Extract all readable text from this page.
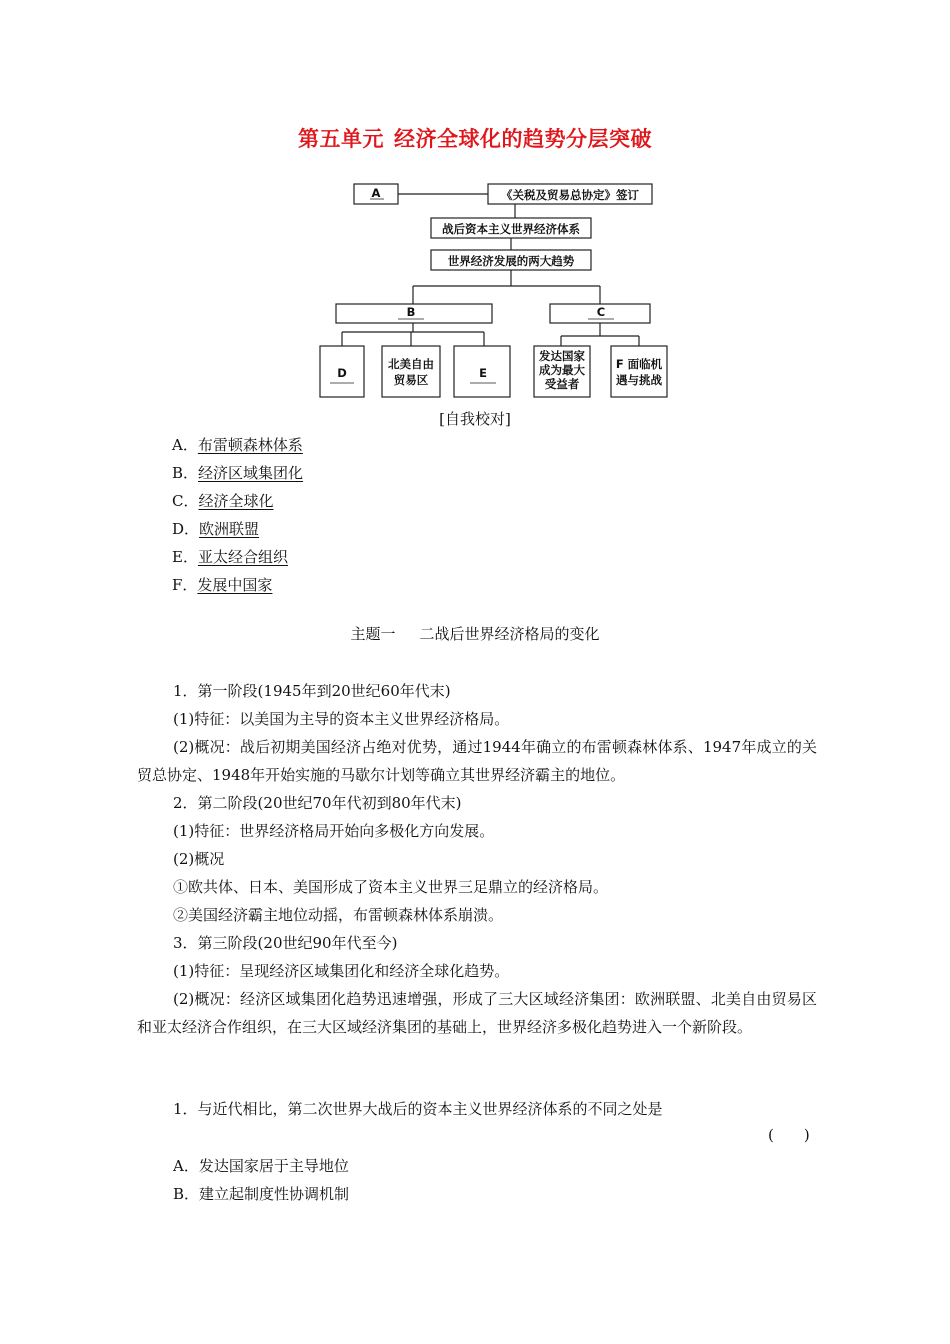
第五单元 经济全球化的趋势分层突破
A	《关税及贸易总协定》签订
战后资本主义世界经济体系
世界经济发展的两大趋势
B	C
D
北美自由
贸易区	E
发达国家
成为最大
受益者
F 面临机
遇与挑战
[自我校对]
A．布雷顿森林体系
B．经济区域集团化
C．经济全球化
D．欧洲联盟
E．亚太经合组织
F．发展中国家
主题一 二战后世界经济格局的变化
1．第一阶段(1945年到20世纪60年代末)
(1)特征：以美国为主导的资本主义世界经济格局。
(2)概况：战后初期美国经济占绝对优势，通过1944年确立的布雷顿森林体系、1947年成立的关贸总协定、1948年开始实施的马歇尔计划等确立其世界经济霸主的地位。
2．第二阶段(20世纪70年代初到80年代末)
(1)特征：世界经济格局开始向多极化方向发展。
(2)概况
①欧共体、日本、美国形成了资本主义世界三足鼎立的经济格局。
②美国经济霸主地位动摇，布雷顿森林体系崩溃。
3．第三阶段(20世纪90年代至今)
(1)特征：呈现经济区域集团化和经济全球化趋势。
(2)概况：经济区域集团化趋势迅速增强，形成了三大区域经济集团：欧洲联盟、北美自由贸易区和亚太经济合作组织，在三大区域经济集团的基础上，世界经济多极化趋势进入一个新阶段。
1．与近代相比，第二次世界大战后的资本主义世界经济体系的不同之处是
(　　)
A．发达国家居于主导地位
B．建立起制度性协调机制
